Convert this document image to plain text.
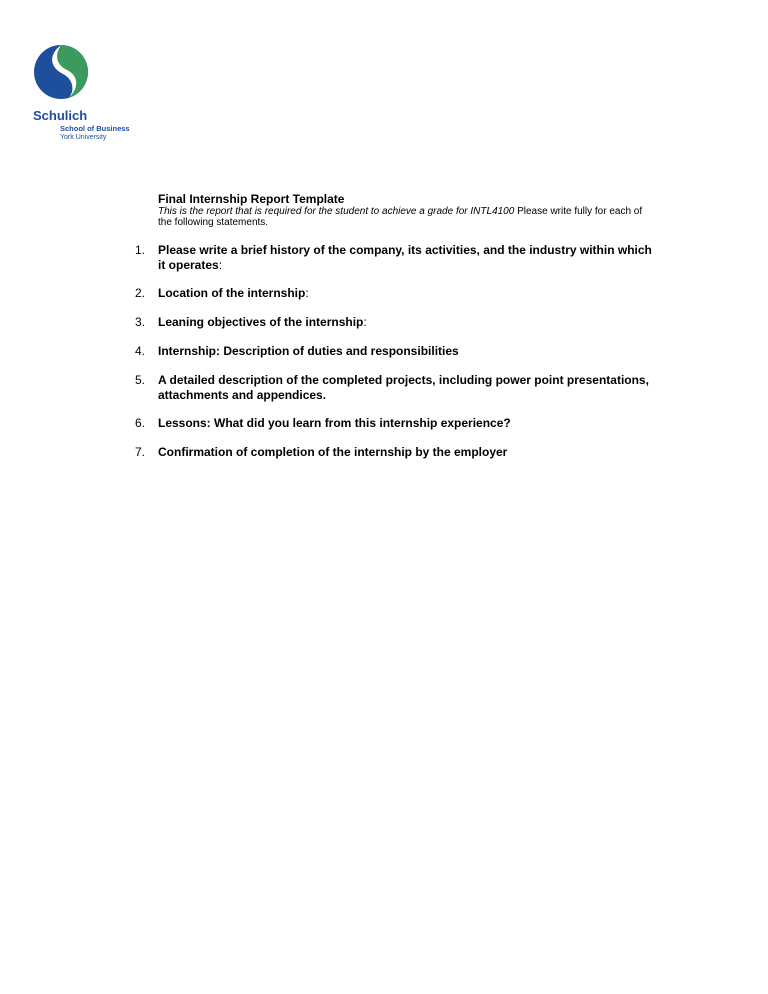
Schulich
School of Business
York University
Final Internship Report Template
This is the report that is required for the student to achieve a grade for INTL4100 Please write fully for each of the following statements.
1. Please write a brief history of the company, its activities, and the industry within which it operates:
2. Location of the internship:
3. Leaning objectives of the internship:
4. Internship: Description of duties and responsibilities
5. A detailed description of the completed projects, including power point presentations, attachments and appendices.
6. Lessons: What did you learn from this internship experience?
7. Confirmation of completion of the internship by the employer
